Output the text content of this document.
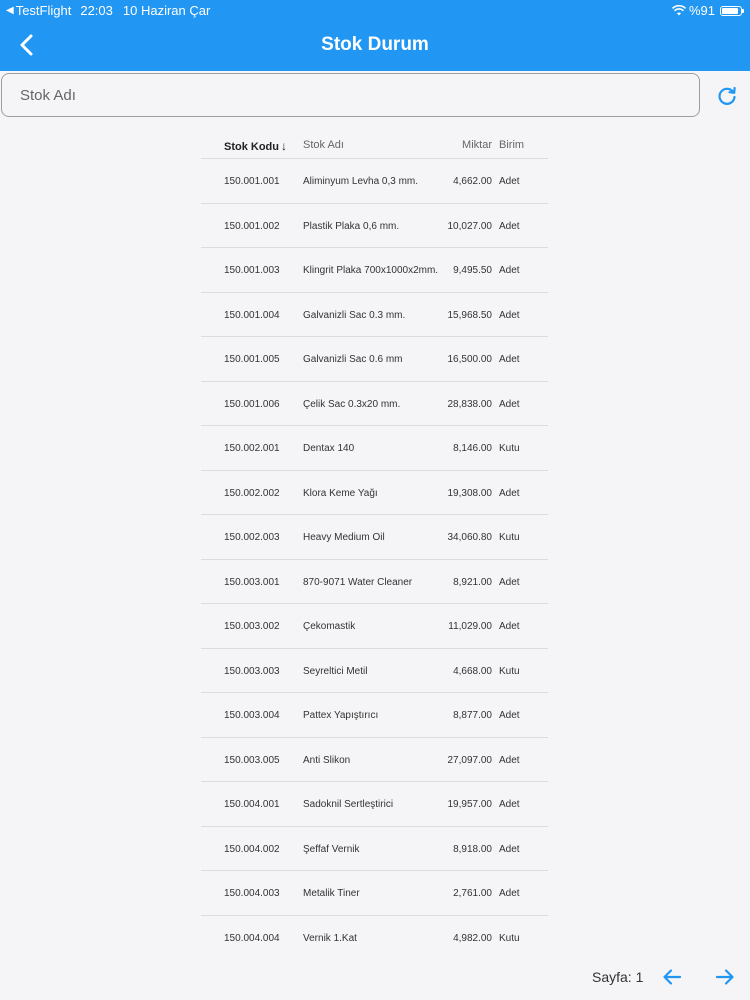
◀ TestFlight 22:03 10 Haziran Çar	%91
Stok Durum
Stok Adı
Stok Kodu ↓ Stok Adı	Miktar Birim
150.001.001 Aliminyum Levha 0,3 mm.	4,662.00 Adet
150.001.002 Plastik Plaka 0,6 mm.	10,027.00 Adet
150.001.003 Klingrit Plaka 700x1000x2mm. 9,495.50 Adet
150.001.004 Galvanizli Sac 0.3 mm.	15,968.50 Adet
150.001.005 Galvanizli Sac 0.6 mm	16,500.00 Adet
150.001.006 Çelik Sac 0.3x20 mm.	28,838.00 Adet
150.002.001 Dentax 140	8,146.00 Kutu
150.002.002 Klora Keme Yağı	19,308.00 Adet
150.002.003 Heavy Medium Oil	34,060.80 Kutu
150.003.001 870-9071 Water Cleaner	8,921.00 Adet
150.003.002 Çekomastik	11,029.00 Adet
150.003.003 Seyreltici Metil	4,668.00 Kutu
150.003.004 Pattex Yapıştırıcı	8,877.00 Adet
150.003.005 Anti Slikon	27,097.00 Adet
150.004.001 Sadoknil Sertleştirici	19,957.00 Adet
150.004.002 Şeffaf Vernik	8,918.00 Adet
150.004.003 Metalik Tiner	2,761.00 Adet
150.004.004 Vernik 1.Kat	4,982.00 Kutu
Sayfa: 1
